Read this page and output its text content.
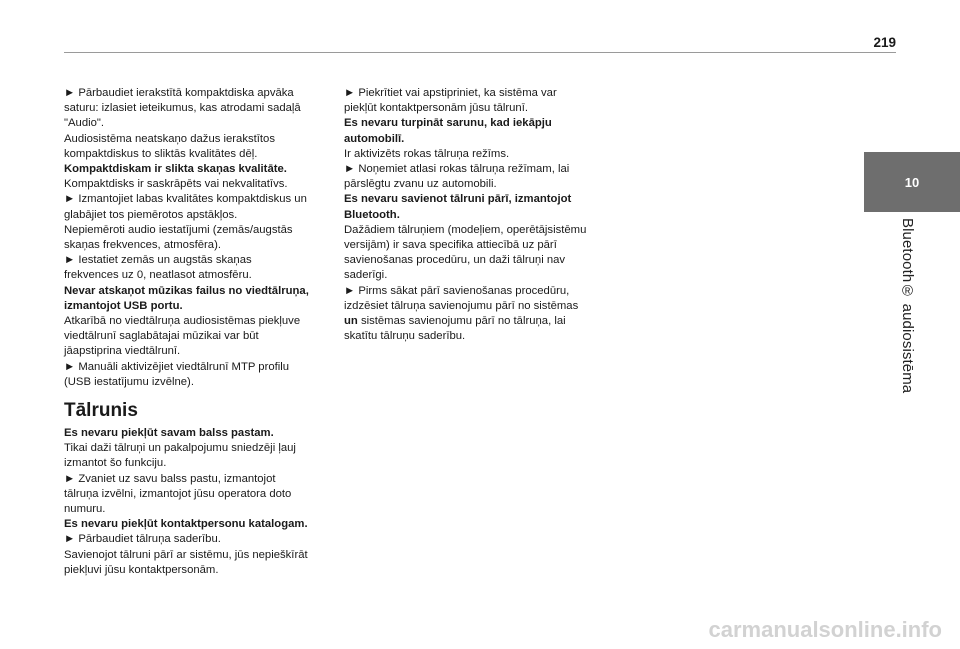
219
10
Bluetooth® audiosistēma

► Pārbaudiet ierakstītā kompaktdiska apvāka

saturu: izlasiet ieteikumus, kas atrodami sadaļā

"Audio".

Audiosistēma neatskaņo dažus ierakstītos

kompaktdiskus to sliktās kvalitātes dēļ.

Kompaktdiskam ir slikta skaņas kvalitāte.

Kompaktdisks ir saskrāpēts vai nekvalitatīvs.

► Izmantojiet labas kvalitātes kompaktdiskus un

glabājiet tos piemērotos apstākļos.

Nepiemēroti audio iestatījumi (zemās/augstās

skaņas frekvences, atmosfēra).

► Iestatiet zemās un augstās skaņas

frekvences uz 0, neatlasot atmosfēru.

Nevar atskaņot mūzikas failus no viedtālruņa,

izmantojot USB portu.

Atkarībā no viedtālruņa audiosistēmas piekļuve

viedtālrunī saglabātajai mūzikai var būt

jāapstiprina viedtālrunī.

► Manuāli aktivizējiet viedtālrunī MTP profilu

(USB iestatījumu izvēlne).

Tālrunis

Es nevaru piekļūt savam balss pastam.

Tikai daži tālruņi un pakalpojumu sniedzēji ļauj

izmantot šo funkciju.

► Zvaniet uz savu balss pastu, izmantojot

tālruņa izvēlni, izmantojot jūsu operatora doto

numuru.

Es nevaru piekļūt kontaktpersonu katalogam.

► Pārbaudiet tālruņa saderību.

Savienojot tālruni pārī ar sistēmu, jūs nepieškīrāt

piekļuvi jūsu kontaktpersonām.

► Piekrītiet vai apstipriniet, ka sistēma var

piekļūt kontaktpersonām jūsu tālrunī.

Es nevaru turpināt sarunu, kad iekāpju

automobilī.

Ir aktivizēts rokas tālruņa režīms.

► Noņemiet atlasi rokas tālruņa režīmam, lai

pārslēgtu zvanu uz automobili.

Es nevaru savienot tālruni pārī, izmantojot

Bluetooth.

Dažādiem tālruņiem (modeļiem, operētājsistēmu

versijām) ir sava specifika attiecībā uz pārī

savienošanas procedūru, un daži tālruņi nav

saderīgi.

► Pirms sākat pārī savienošanas procedūru,

izdzēsiet tālruņa savienojumu pārī no sistēmas

un sistēmas savienojumu pārī no tālruņa, lai

skatītu tālruņu saderību.

carmanualsonline.info
